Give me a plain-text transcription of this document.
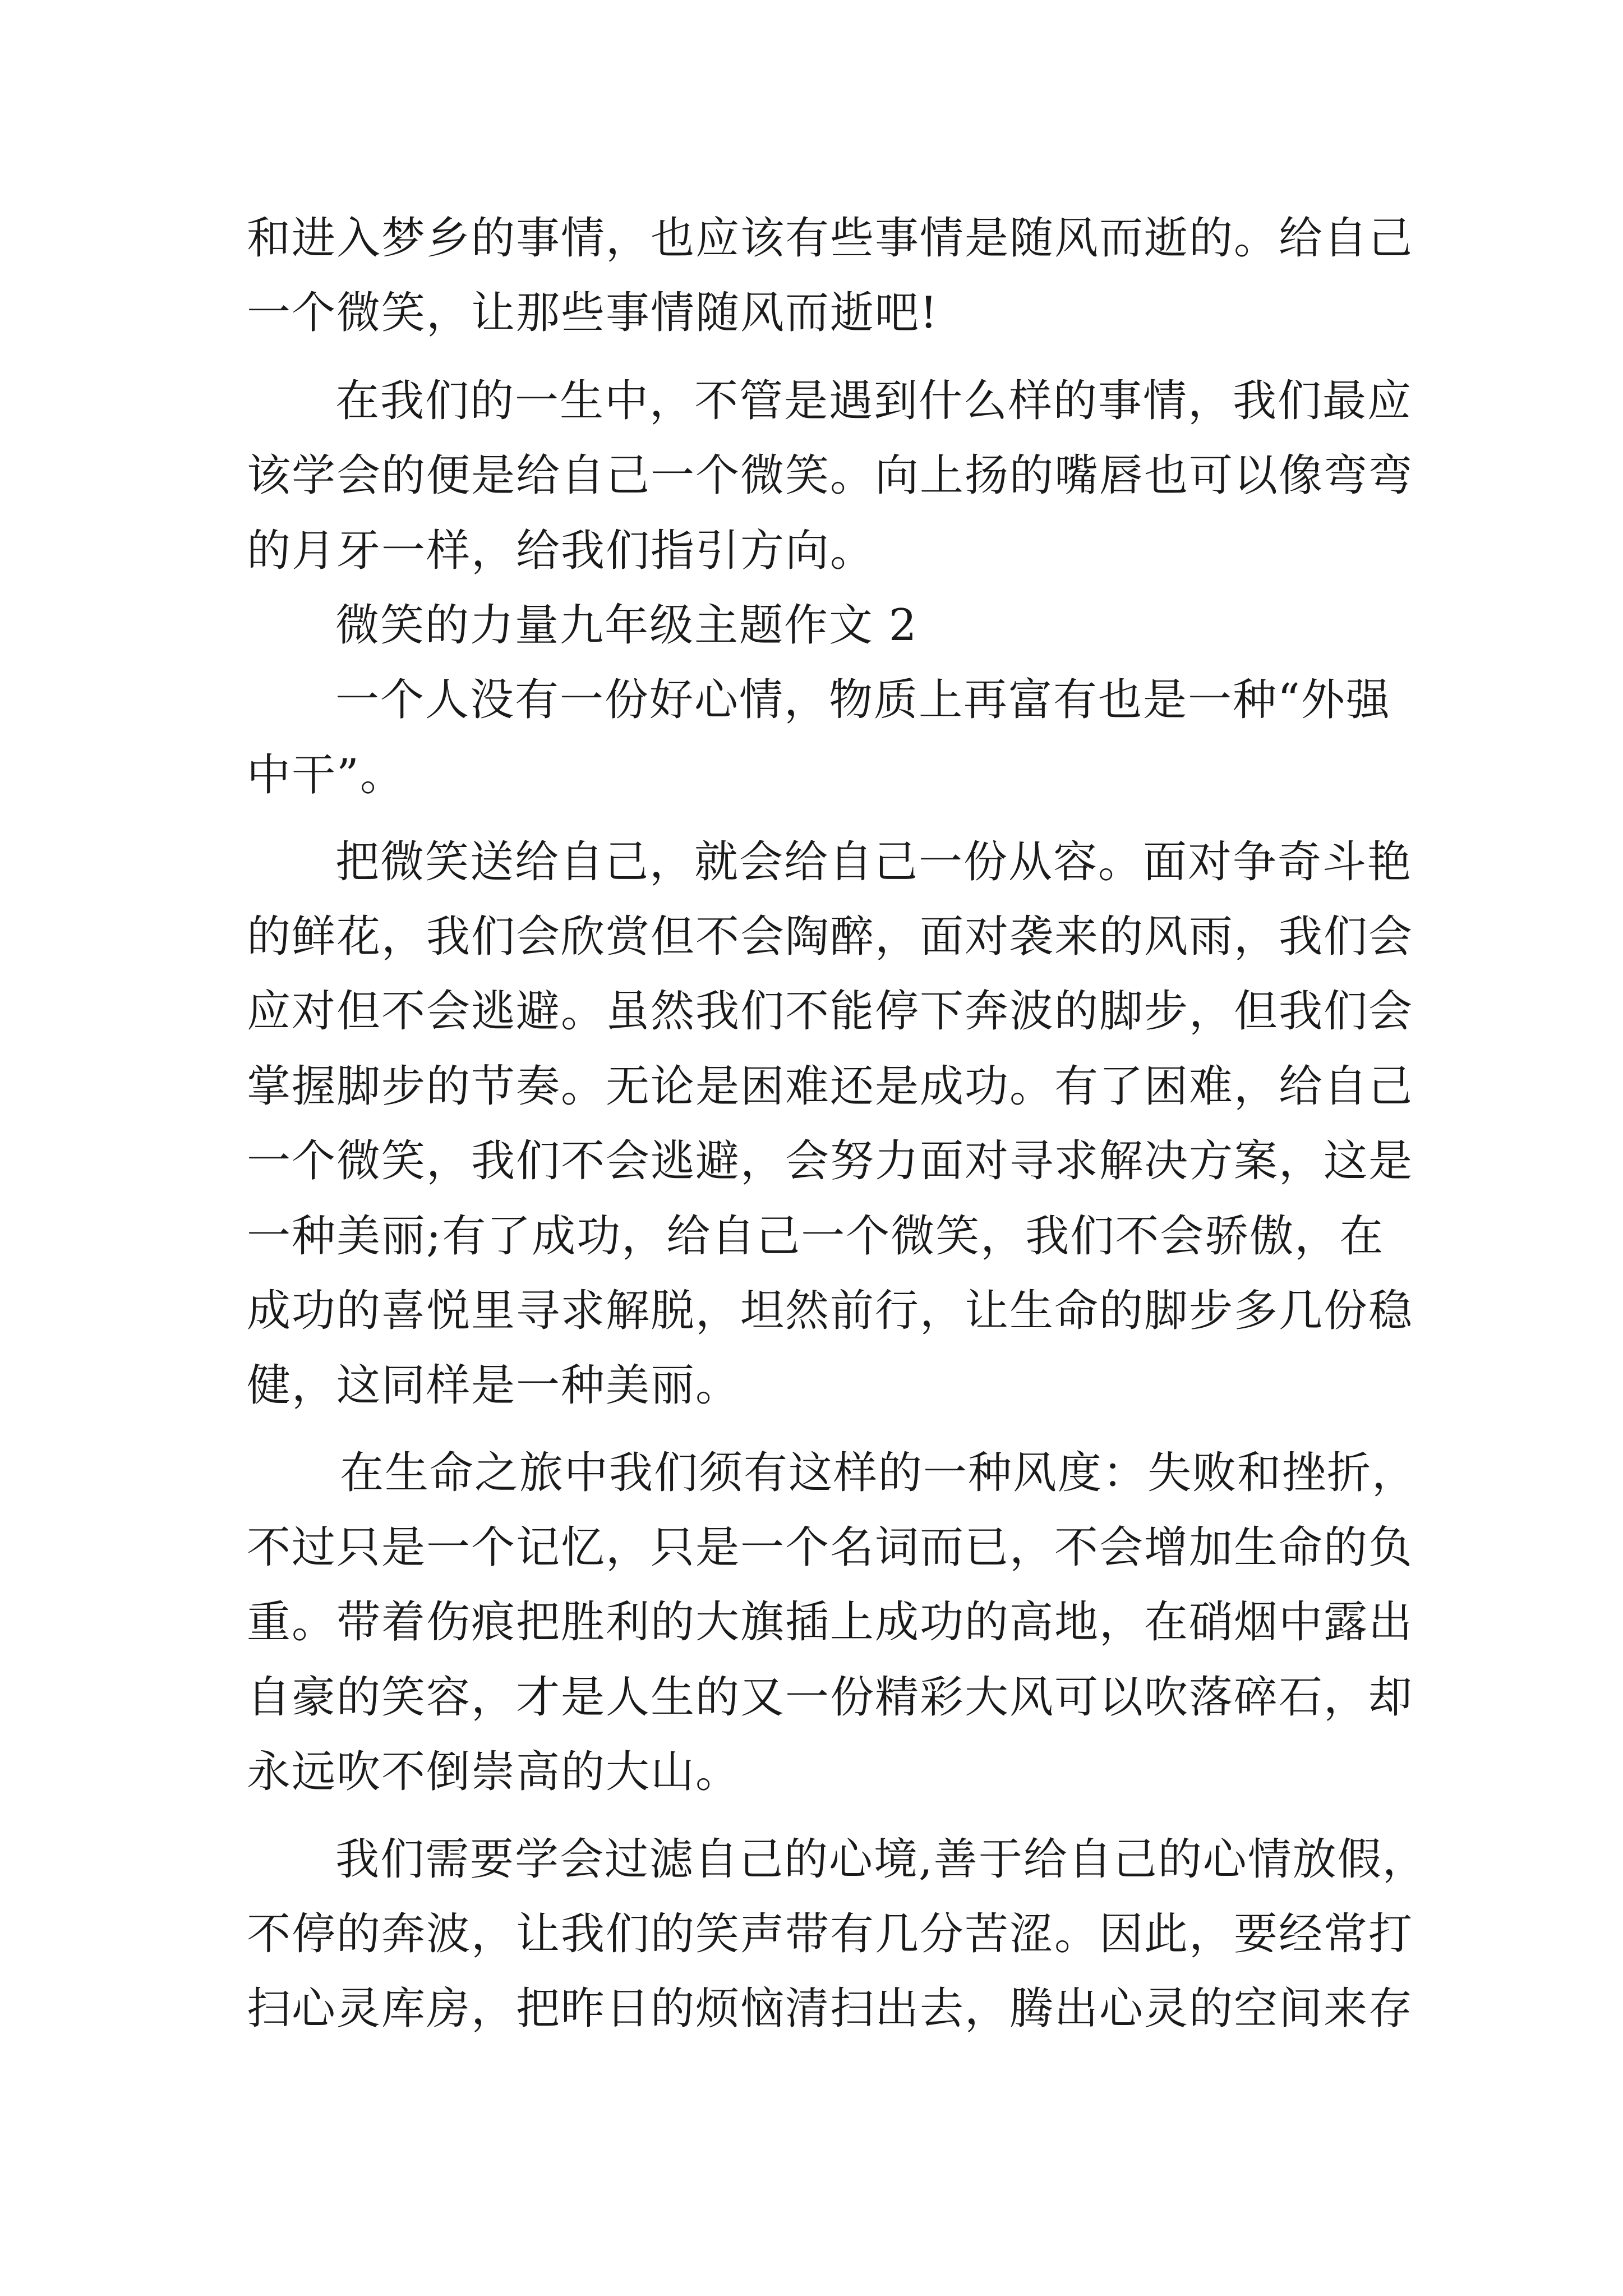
和进入梦乡的事情，也应该有些事情是随风而逝的。给自己
一个微笑，让那些事情随风而逝吧!
在我们的一生中，不管是遇到什么样的事情，我们最应
该学会的便是给自己一个微笑。向上扬的嘴唇也可以像弯弯
的月牙一样，给我们指引方向。
微笑的力量九年级主题作文 2
一个人没有一份好心情，物质上再富有也是一种“外强
中干”。
把微笑送给自己，就会给自己一份从容。面对争奇斗艳
的鲜花，我们会欣赏但不会陶醉，面对袭来的风雨，我们会
应对但不会逃避。虽然我们不能停下奔波的脚步，但我们会
掌握脚步的节奏。无论是困难还是成功。有了困难，给自己
一个微笑，我们不会逃避，会努力面对寻求解决方案，这是
一种美丽;有了成功，给自己一个微笑，我们不会骄傲，在
成功的喜悦里寻求解脱，坦然前行，让生命的脚步多几份稳
健，这同样是一种美丽。
在生命之旅中我们须有这样的一种风度：失败和挫折，
不过只是一个记忆，只是一个名词而已，不会增加生命的负
重。带着伤痕把胜利的大旗插上成功的高地，在硝烟中露出
自豪的笑容，才是人生的又一份精彩大风可以吹落碎石，却
永远吹不倒崇高的大山。
我们需要学会过滤自己的心境,善于给自己的心情放假，
不停的奔波，让我们的笑声带有几分苦涩。因此，要经常打
扫心灵库房，把昨日的烦恼清扫出去，腾出心灵的空间来存
